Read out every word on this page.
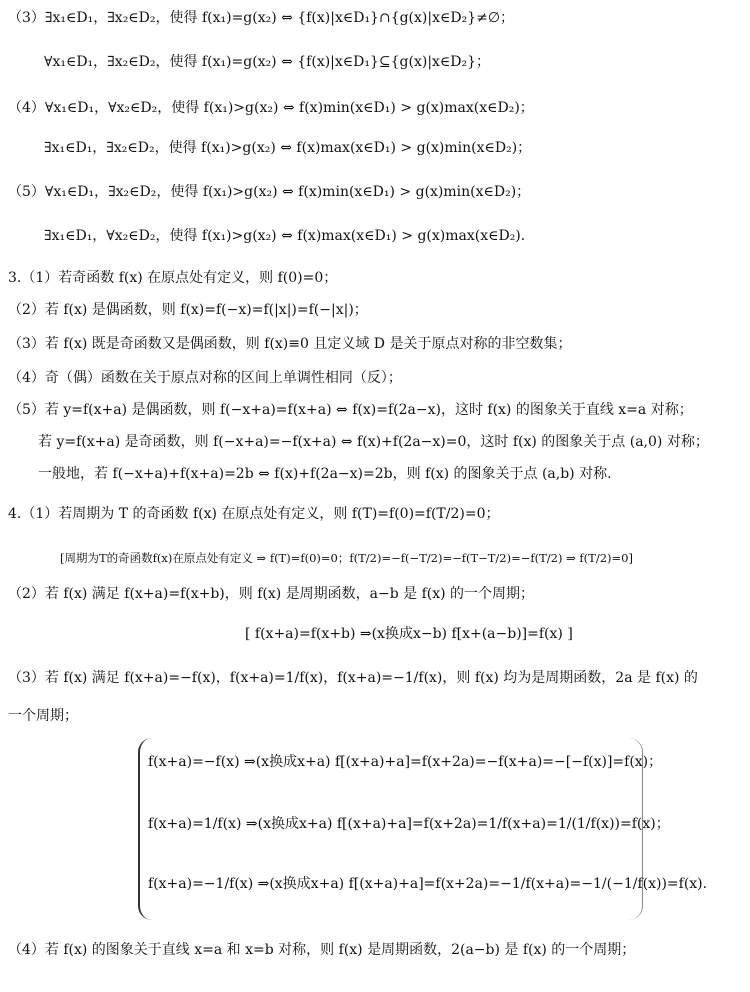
（3）∃x₁∈D₁，∃x₂∈D₂，使得 f(x₁)=g(x₂) ⇔ {f(x)|x∈D₁}∩{g(x)|x∈D₂}≠∅；
∀x₁∈D₁，∃x₂∈D₂，使得 f(x₁)=g(x₂) ⇔ {f(x)|x∈D₁}⊆{g(x)|x∈D₂}；
（4）∀x₁∈D₁，∀x₂∈D₂，使得 f(x₁)>g(x₂) ⇔ f(x)min(x∈D₁) > g(x)max(x∈D₂)；
∃x₁∈D₁，∃x₂∈D₂，使得 f(x₁)>g(x₂) ⇔ f(x)max(x∈D₁) > g(x)min(x∈D₂)；
（5）∀x₁∈D₁，∃x₂∈D₂，使得 f(x₁)>g(x₂) ⇔ f(x)min(x∈D₁) > g(x)min(x∈D₂)；
∃x₁∈D₁，∀x₂∈D₂，使得 f(x₁)>g(x₂) ⇔ f(x)max(x∈D₁) > g(x)max(x∈D₂)．
3.（1）若奇函数 f(x) 在原点处有定义，则 f(0)=0；
（2）若 f(x) 是偶函数，则 f(x)=f(−x)=f(|x|)=f(−|x|)；
（3）若 f(x) 既是奇函数又是偶函数，则 f(x)≡0 且定义域 D 是关于原点对称的非空数集；
（4）奇（偶）函数在关于原点对称的区间上单调性相同（反）；
（5）若 y=f(x+a) 是偶函数，则 f(−x+a)=f(x+a) ⇔ f(x)=f(2a−x)，这时 f(x) 的图象关于直线 x=a 对称；
若 y=f(x+a) 是奇函数，则 f(−x+a)=−f(x+a) ⇔ f(x)+f(2a−x)=0，这时 f(x) 的图象关于点 (a,0) 对称；
一般地，若 f(−x+a)+f(x+a)=2b ⇔ f(x)+f(2a−x)=2b，则 f(x) 的图象关于点 (a,b) 对称.
4.（1）若周期为 T 的奇函数 f(x) 在原点处有定义，则 f(T)=f(0)=f(T/2)=0；
[周期为T的奇函数f(x)在原点处有定义 ⇒ f(T)=f(0)=0；f(T/2)=−f(−T/2)=−f(T−T/2)=−f(T/2) ⇒ f(T/2)=0]
（2）若 f(x) 满足 f(x+a)=f(x+b)，则 f(x) 是周期函数，a−b 是 f(x) 的一个周期；
[ f(x+a)=f(x+b) ⇒(x换成x−b) f[x+(a−b)]=f(x) ]
（3）若 f(x) 满足 f(x+a)=−f(x)，f(x+a)=1/f(x)，f(x+a)=−1/f(x)，则 f(x) 均为是周期函数，2a 是 f(x) 的
一个周期；
f(x+a)=−f(x) ⇒(x换成x+a) f[(x+a)+a]=f(x+2a)=−f(x+a)=−[−f(x)]=f(x)；
f(x+a)=1/f(x) ⇒(x换成x+a) f[(x+a)+a]=f(x+2a)=1/f(x+a)=1/(1/f(x))=f(x)；
f(x+a)=−1/f(x) ⇒(x换成x+a) f[(x+a)+a]=f(x+2a)=−1/f(x+a)=−1/(−1/f(x))=f(x).
（4）若 f(x) 的图象关于直线 x=a 和 x=b 对称，则 f(x) 是周期函数，2(a−b) 是 f(x) 的一个周期；
